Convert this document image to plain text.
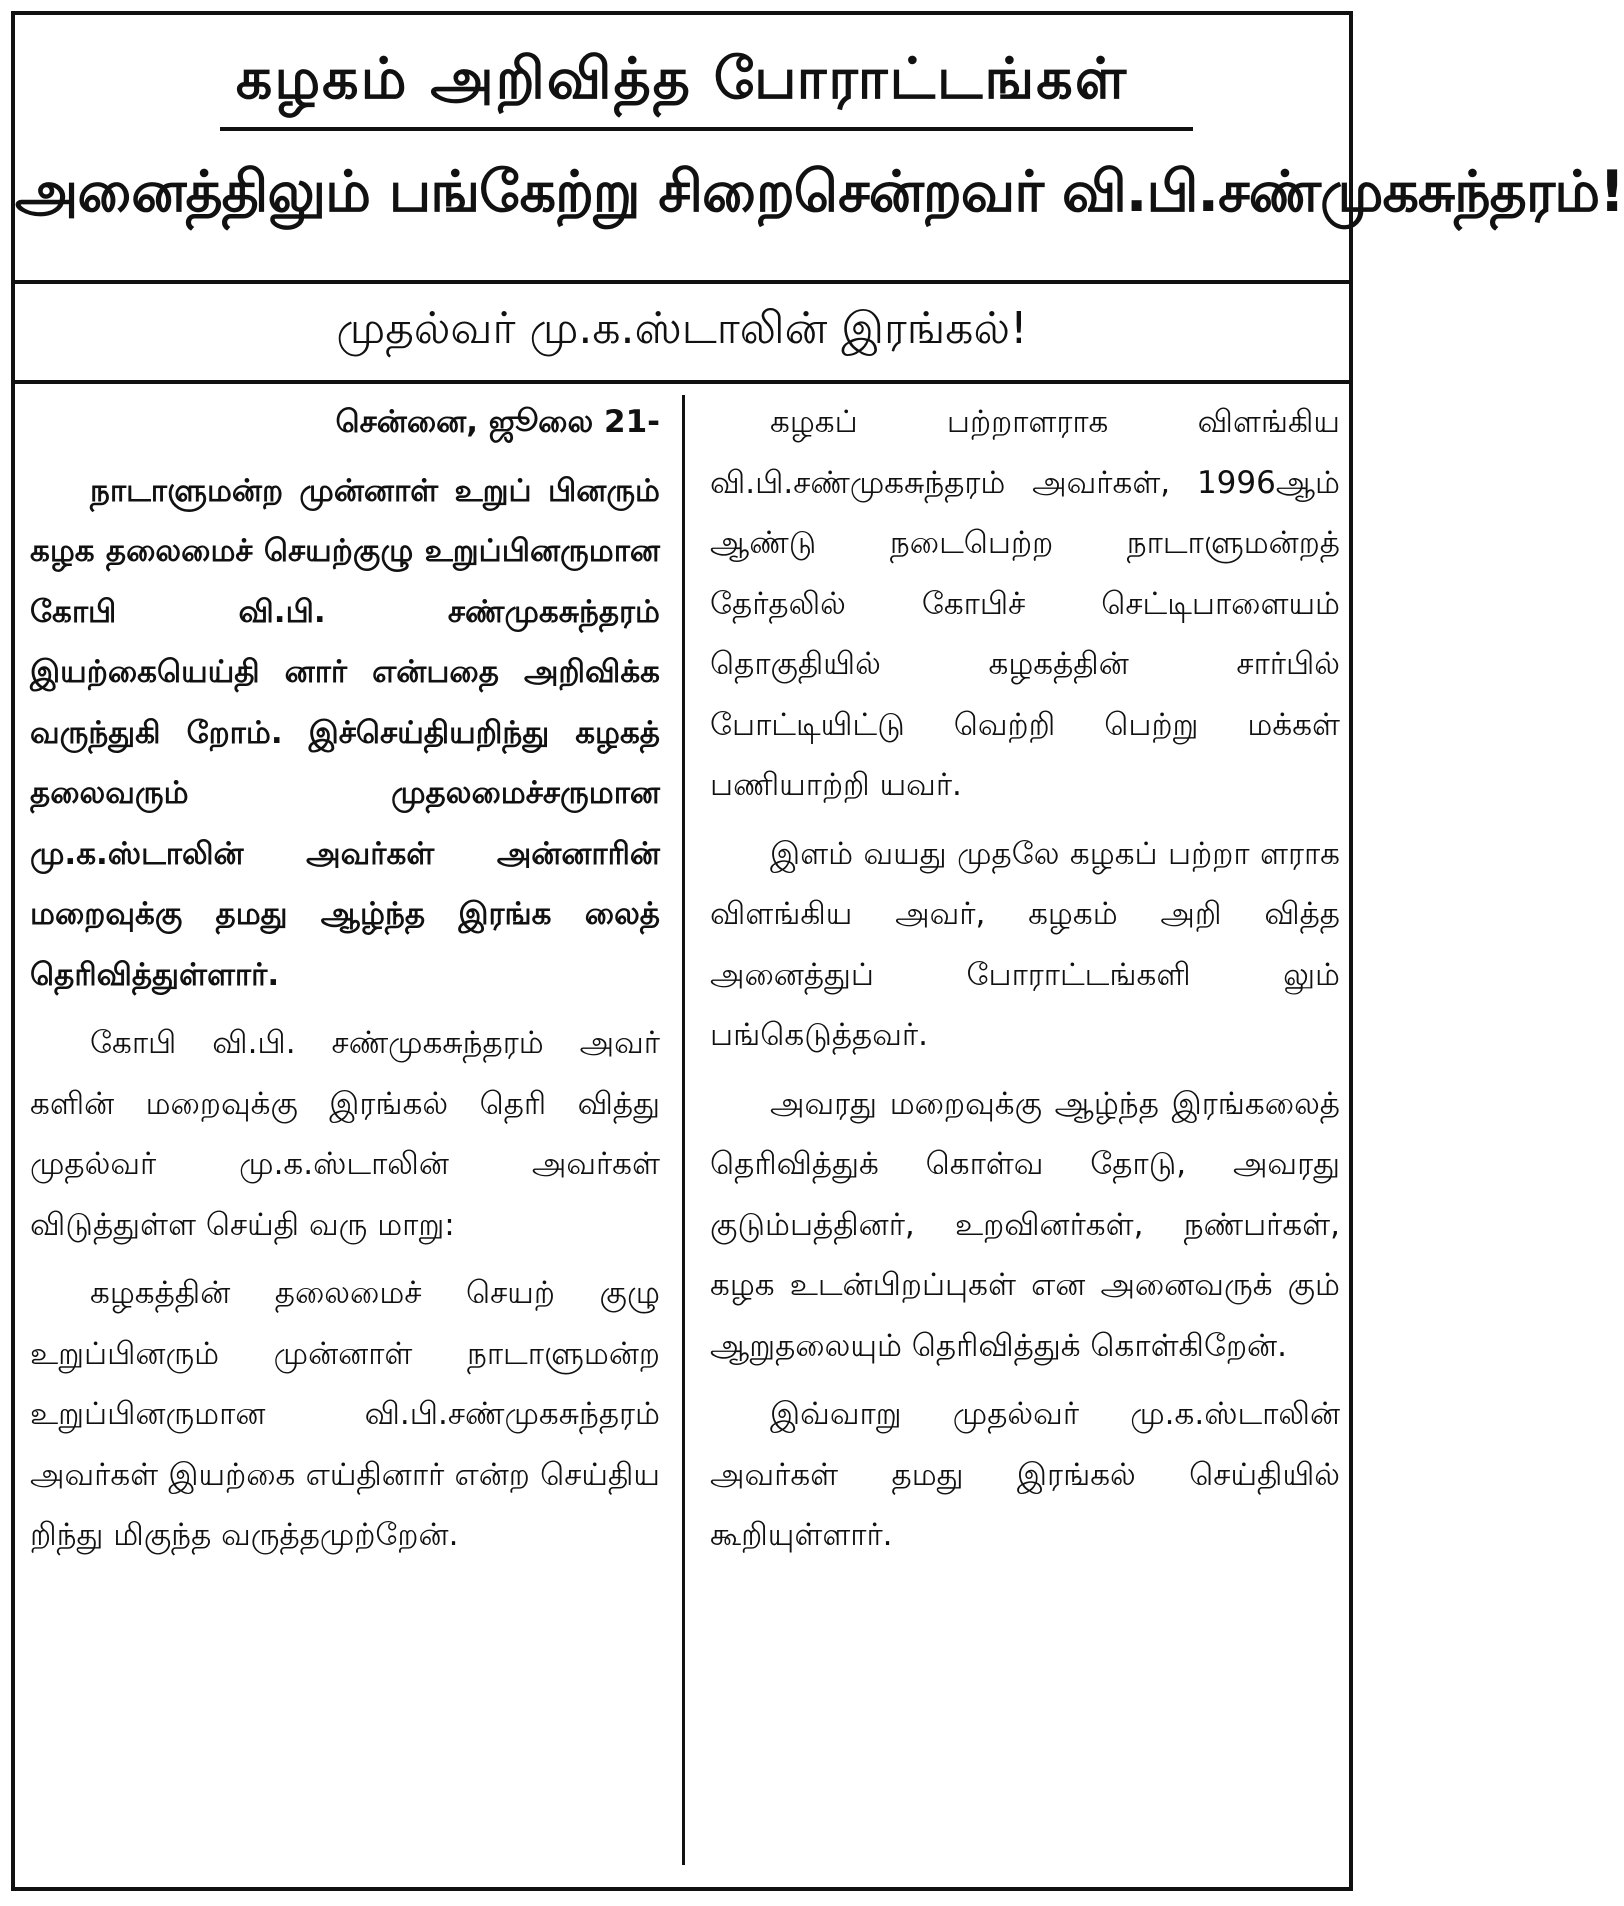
கழகம் அறிவித்த போராட்டங்கள்
அனைத்திலும் பங்கேற்று சிறைசென்றவர் வி.பி.சண்முகசுந்தரம்!
முதல்வர் மு.க.ஸ்டாலின் இரங்கல்!

சென்னை, ஜூலை 21-

நாடாளுமன்ற முன்னாள் உறுப் பினரும் கழக தலைமைச் செயற்குழு உறுப்பினருமான கோபி வி.பி. சண்முகசுந்தரம் இயற்கையெய்தி னார் என்பதை அறிவிக்க வருந்துகி றோம். இச்செய்தியறிந்து கழகத் தலைவரும் முதலமைச்சருமான மு.க.ஸ்டாலின் அவர்கள் அன்னாரின் மறைவுக்கு தமது ஆழ்ந்த இரங்க லைத் தெரிவித்துள்ளார்.

கோபி வி.பி. சண்முகசுந்தரம் அவர் களின் மறைவுக்கு இரங்கல் தெரி வித்து முதல்வர் மு.க.ஸ்டாலின் அவர்கள் விடுத்துள்ள செய்தி வரு மாறு:

கழகத்தின் தலைமைச் செயற் குழு உறுப்பினரும் முன்னாள் நாடாளுமன்ற உறுப்பினருமான வி.பி.சண்முகசுந்தரம் அவர்கள் இயற்கை எய்தினார் என்ற செய்திய றிந்து மிகுந்த வருத்தமுற்றேன்.

கழகப் பற்றாளராக விளங்கிய வி.பி.சண்முகசுந்தரம் அவர்கள், 1996ஆம் ஆண்டு நடைபெற்ற நாடாளுமன்றத் தேர்தலில் கோபிச் செட்டிபாளையம் தொகுதியில் கழகத்தின் சார்பில் போட்டியிட்டு வெற்றி பெற்று மக்கள் பணியாற்றி யவர்.

இளம் வயது முதலே கழகப் பற்றா ளராக விளங்கிய அவர், கழகம் அறி வித்த அனைத்துப் போராட்டங்களி லும் பங்கெடுத்தவர்.

அவரது மறைவுக்கு ஆழ்ந்த இரங்கலைத் தெரிவித்துக் கொள்வ தோடு, அவரது குடும்பத்தினர், உறவினர்கள், நண்பர்கள், கழக உடன்பிறப்புகள் என அனைவருக் கும் ஆறுதலையும் தெரிவித்துக் கொள்கிறேன்.

இவ்வாறு முதல்வர் மு.க.ஸ்டாலின் அவர்கள் தமது இரங்கல் செய்தியில் கூறியுள்ளார்.
